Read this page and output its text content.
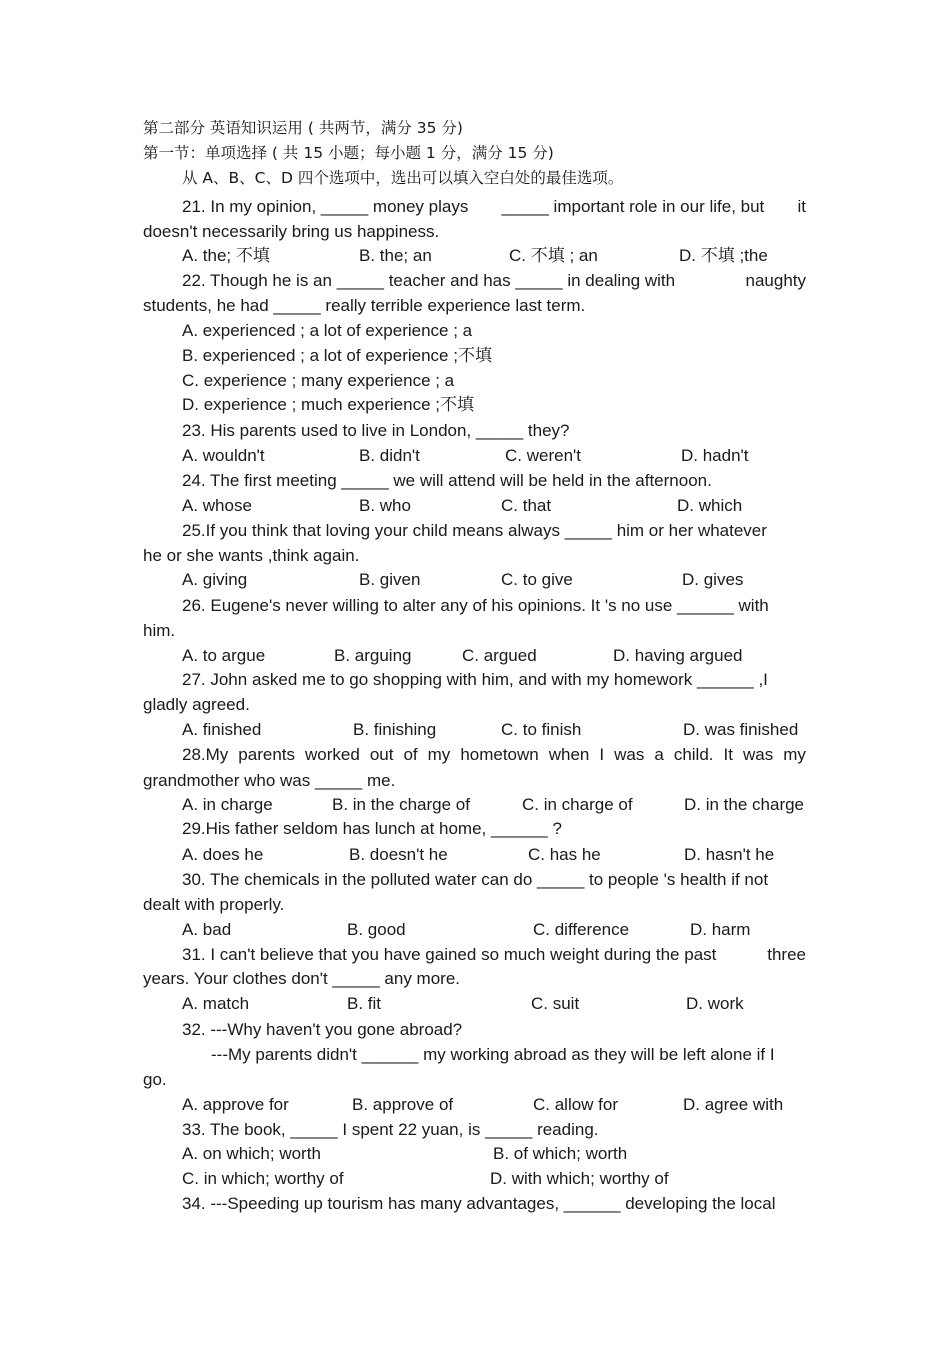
第二部分 英语知识运用 ( 共两节，满分 35 分)
第一节：单项选择 ( 共 15 小题；每小题 1 分，满分 15 分)
从 A、B、C、D 四个选项中，选出可以填入空白处的最佳选项。
21. In my opinion, _____ money plays _____ important role in our life, but it
doesn't necessarily bring us happiness.
A. the; 不填	B. the; an	C. 不填 ; an	D. 不填 ;the
22. Though he is an _____ teacher and has _____ in dealing with	naughty
students, he had _____ really terrible experience last term.
A. experienced ; a lot of experience ; a
B. experienced ; a lot of experience ;不填
C. experience ; many experience ; a
D. experience ; much experience ;不填
23. His parents used to live in London, _____ they?
A. wouldn't	B. didn't	C. weren't	D. hadn't
24. The first meeting _____ we will attend will be held in the afternoon.
A. whose	B. who	C. that	D. which
25.If you think that loving your child means always _____ him or her whatever
he or she wants ,think again.
A. giving	B. given	C. to give	D. gives
26. Eugene's never willing to alter any of his opinions. It 's no use ______ with
him.
A. to argue	B. arguing	C. argued	D. having argued
27. John asked me to go shopping with him, and with my homework ______ ,I
gladly agreed.
A. finished	B. finishing	C. to finish	D. was finished
28.My parents worked out of my hometown when I was a child. It was my
grandmother who was _____ me.
A. in charge	B. in the charge of	C. in charge of	D. in the charge
29.His father seldom has lunch at home, ______ ?
A. does he	B. doesn't he	C. has he	D. hasn't he
30. The chemicals in the polluted water can do _____ to people 's health if not
dealt with properly.
A. bad	B. good	C. difference	D. harm
31. I can't believe that you have gained so much weight during the past	three
years. Your clothes don't _____ any more.
A. match	B. fit	C. suit	D. work
32. ---Why haven't you gone abroad?
---My parents didn't ______ my working abroad as they will be left alone if I
go.
A. approve for	B. approve of	C. allow for	D. agree with
33. The book, _____ I spent 22 yuan, is _____ reading.
A. on which; worth	B. of which; worth
C. in which; worthy of	D. with which; worthy of
34. ---Speeding up tourism has many advantages, ______ developing the local
